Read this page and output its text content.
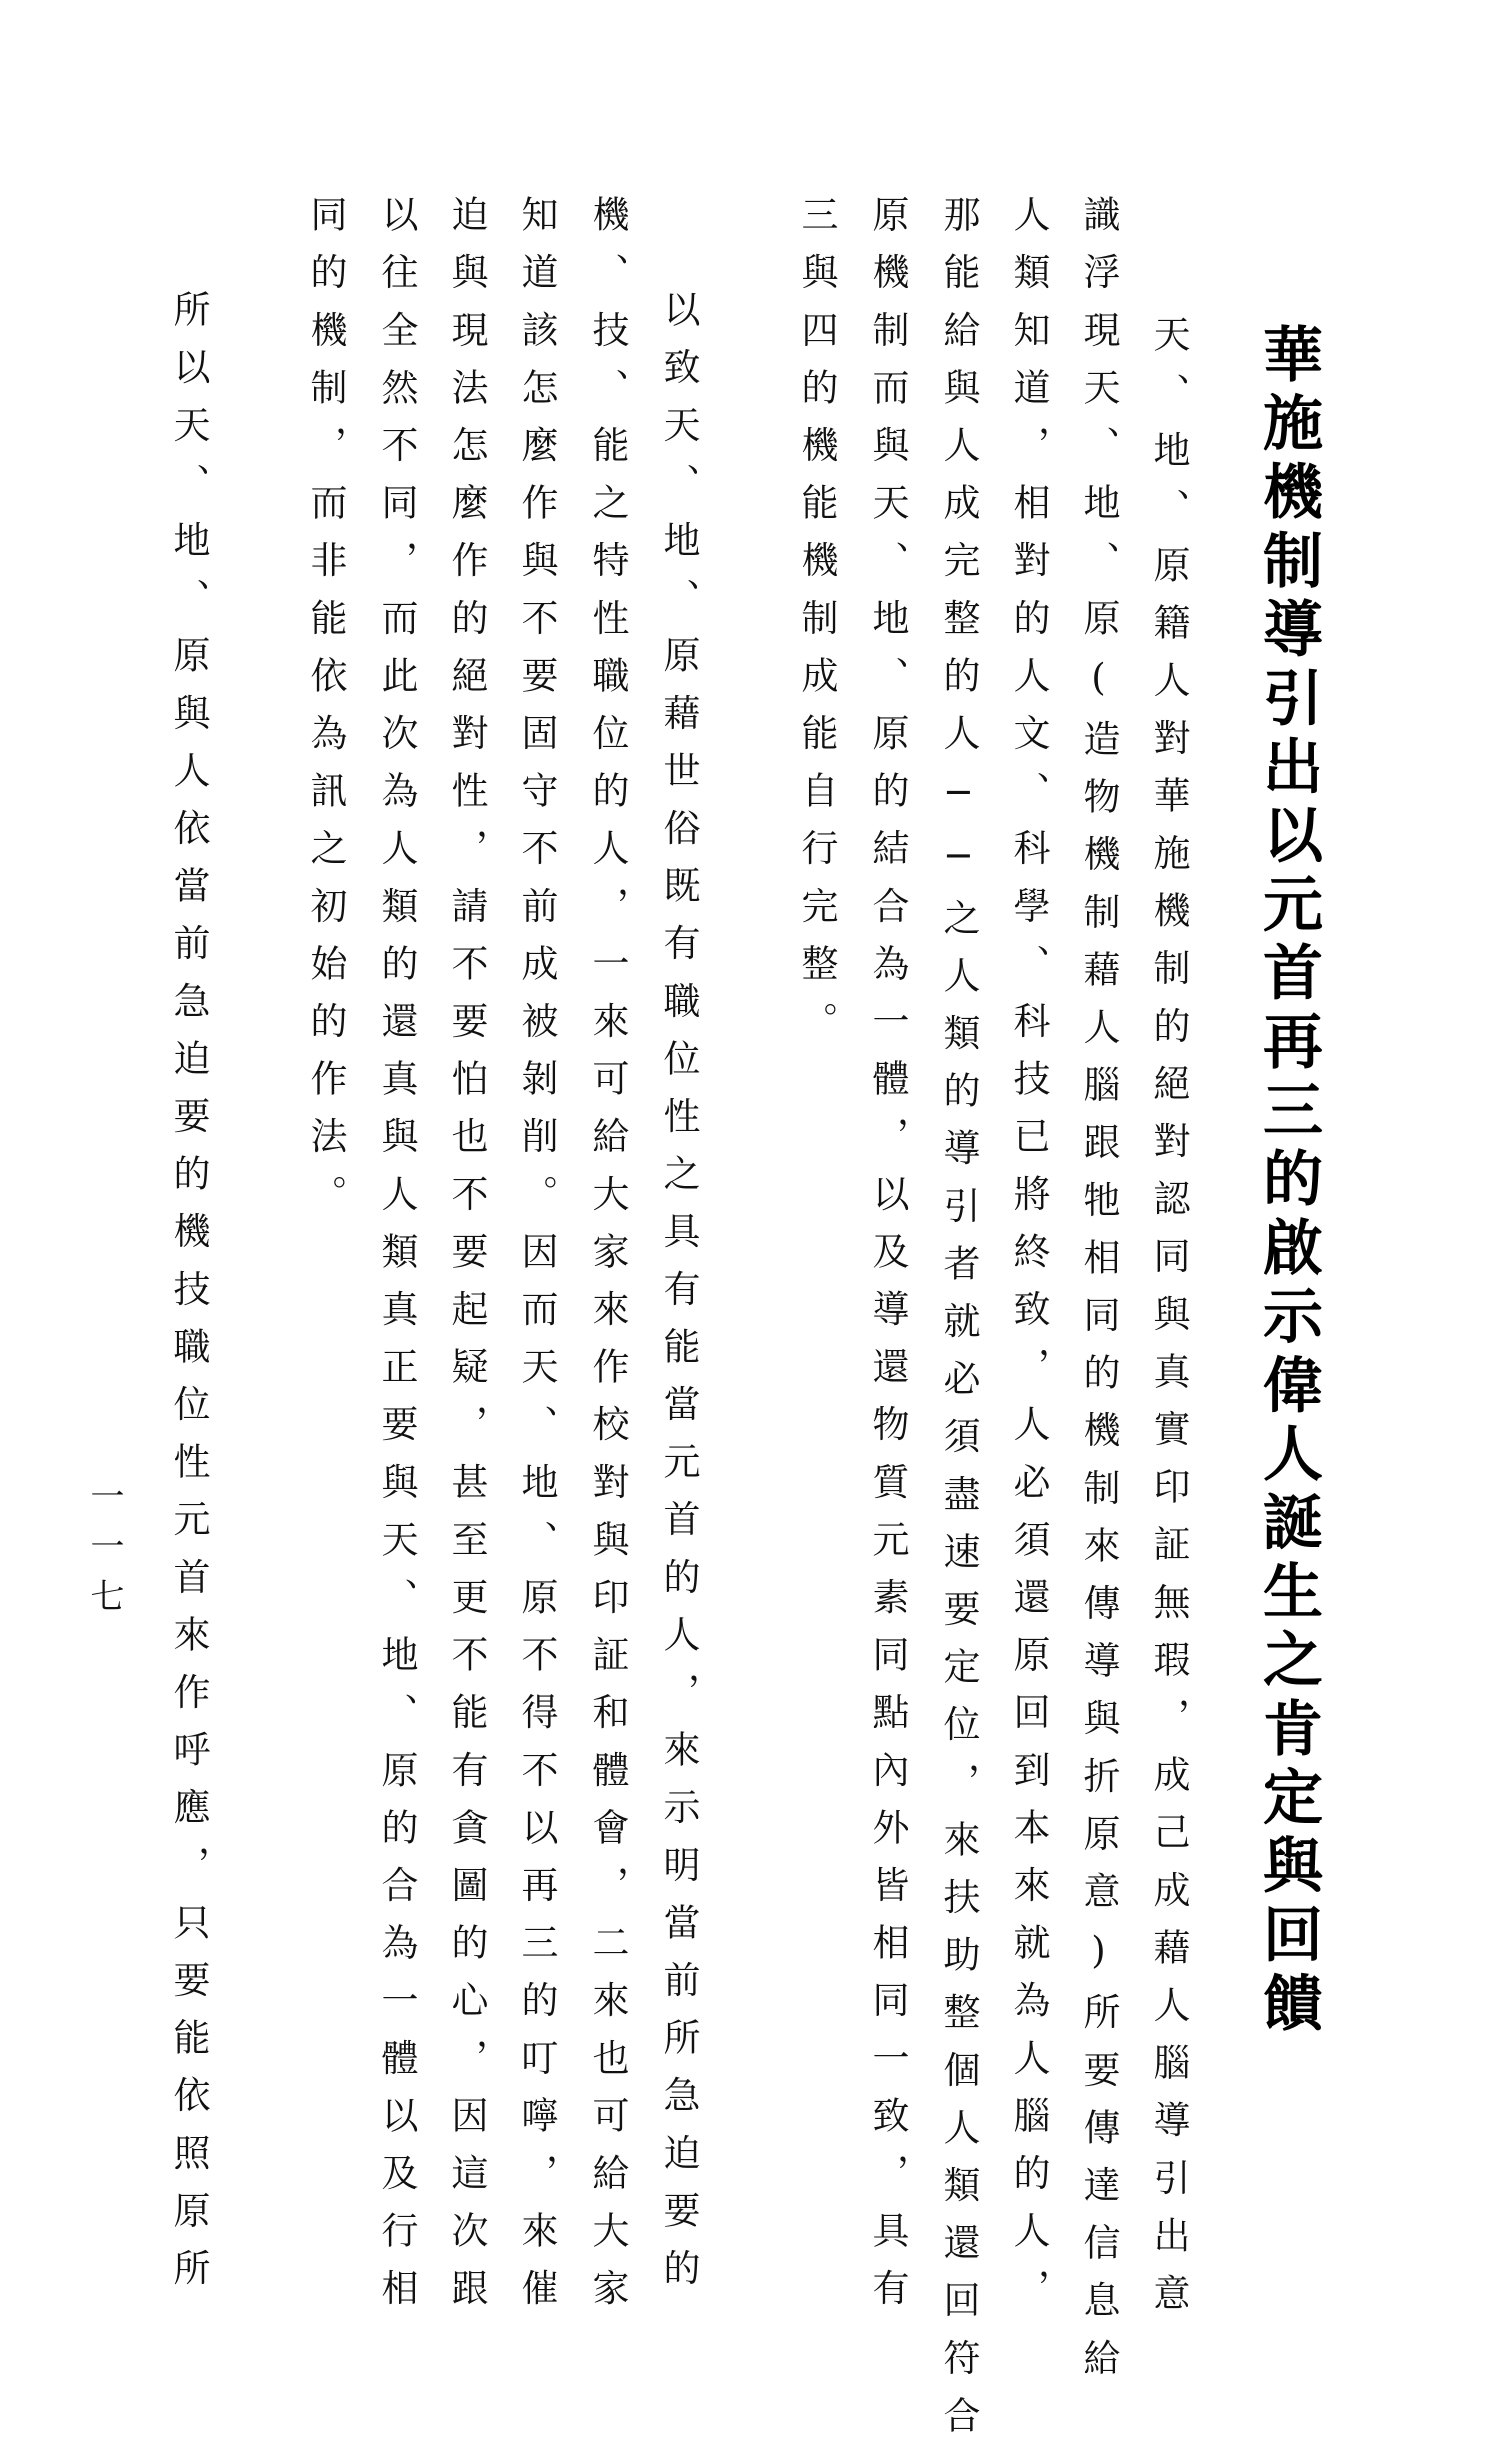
華施機制導引出以元首再三的啟示偉人誕生之肯定與回饋

天、地、原籍人對華施機制的絕對認同與真實印証無瑕，成己成藉人腦導引出意

識浮現天、地、原(造物機制藉人腦跟牠相同的機制來傳導與折原意)所要傳達信息給

人類知道，相對的人文、科學、科技已將終致，人必須還原回到本來就為人腦的人，

那能給與人成完整的人──之人類的導引者就必須盡速要定位，來扶助整個人類還回符合

原機制而與天、地、原的結合為一體，以及導還物質元素同點內外皆相同一致，具有

三與四的機能機制成能自行完整。

以致天、地、原藉世俗既有職位性之具有能當元首的人，來示明當前所急迫要的

機、技、能之特性職位的人，一來可給大家來作校對與印証和體會，二來也可給大家

知道該怎麼作與不要固守不前成被剝削。因而天、地、原不得不以再三的叮嚀，來催

迫與現法怎麼作的絕對性，請不要怕也不要起疑，甚至更不能有貪圖的心，因這次跟

以往全然不同，而此次為人類的還真與人類真正要與天、地、原的合為一體以及行相

同的機制，而非能依為訊之初始的作法。

所以天、地、原與人依當前急迫要的機技職位性元首來作呼應，只要能依照原所

一一七
